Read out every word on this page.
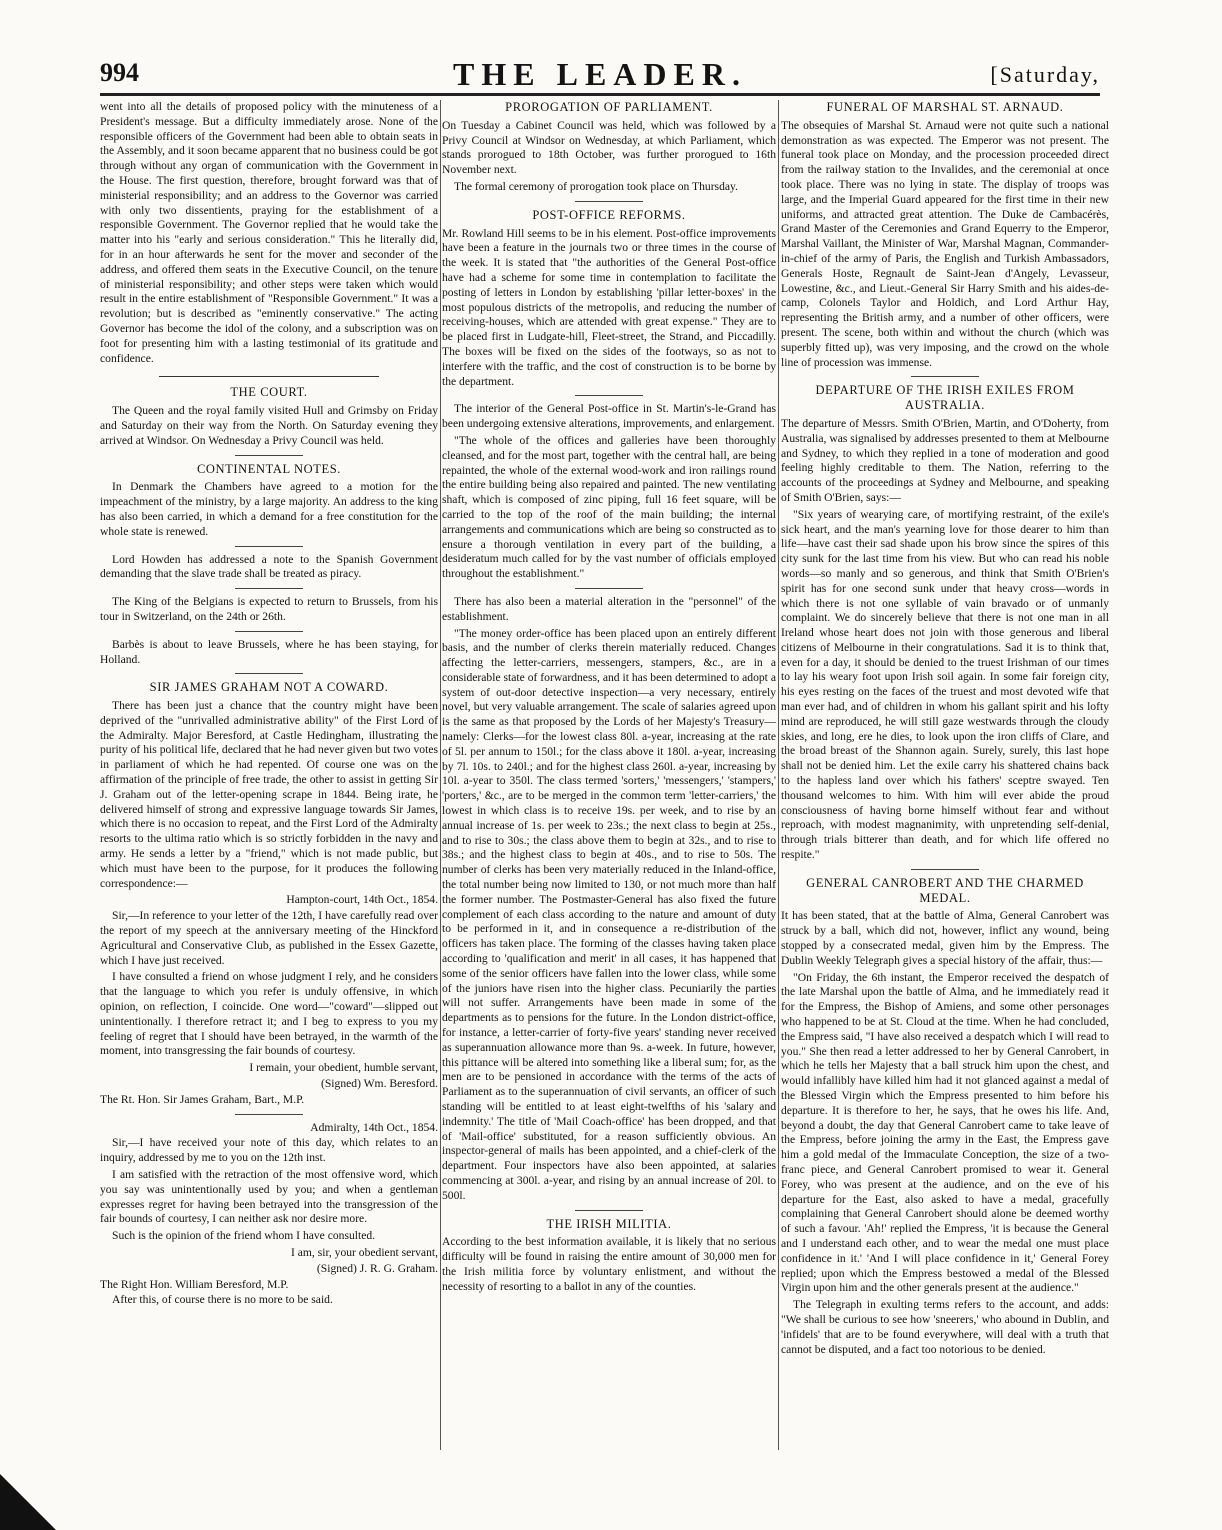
994	THE LEADER.	[Saturday,

went into all the details of proposed policy with the minuteness of a President's message. But a difficulty immediately arose. None of the responsible officers of the Government had been able to obtain seats in the Assembly, and it soon became apparent that no business could be got through without any organ of communication with the Government in the House. The first question, therefore, brought forward was that of ministerial responsibility; and an address to the Governor was carried with only two dissentients, praying for the establishment of a responsible Government. The Governor replied that he would take the matter into his "early and serious consideration." This he literally did, for in an hour afterwards he sent for the mover and seconder of the address, and offered them seats in the Executive Council, on the tenure of ministerial responsibility; and other steps were taken which would result in the entire establishment of "Responsible Government." It was a revolution; but is described as "eminently conservative." The acting Governor has become the idol of the colony, and a subscription was on foot for presenting him with a lasting testimonial of its gratitude and confidence.

THE COURT.

The Queen and the royal family visited Hull and Grimsby on Friday and Saturday on their way from the North. On Saturday evening they arrived at Windsor. On Wednesday a Privy Council was held.

CONTINENTAL NOTES.

In Denmark the Chambers have agreed to a motion for the impeachment of the ministry, by a large majority. An address to the king has also been carried, in which a demand for a free constitution for the whole state is renewed.

Lord Howden has addressed a note to the Spanish Government demanding that the slave trade shall be treated as piracy.

The King of the Belgians is expected to return to Brussels, from his tour in Switzerland, on the 24th or 26th.

Barbès is about to leave Brussels, where he has been staying, for Holland.

SIR JAMES GRAHAM NOT A COWARD.

There has been just a chance that the country might have been deprived of the "unrivalled administrative ability" of the First Lord of the Admiralty. Major Beresford, at Castle Hedingham, illustrating the purity of his political life, declared that he had never given but two votes in parliament of which he had repented. Of course one was on the affirmation of the principle of free trade, the other to assist in getting Sir J. Graham out of the letter-opening scrape in 1844. Being irate, he delivered himself of strong and expressive language towards Sir James, which there is no occasion to repeat, and the First Lord of the Admiralty resorts to the ultima ratio which is so strictly forbidden in the navy and army. He sends a letter by a "friend," which is not made public, but which must have been to the purpose, for it produces the following correspondence:—

Hampton-court, 14th Oct., 1854.

Sir,—In reference to your letter of the 12th, I have carefully read over the report of my speech at the anniversary meeting of the Hinckford Agricultural and Conservative Club, as published in the Essex Gazette, which I have just received.

I have consulted a friend on whose judgment I rely, and he considers that the language to which you refer is unduly offensive, in which opinion, on reflection, I coincide. One word—"coward"—slipped out unintentionally. I therefore retract it; and I beg to express to you my feeling of regret that I should have been betrayed, in the warmth of the moment, into transgressing the fair bounds of courtesy.

I remain, your obedient, humble servant,
(Signed) Wm. Beresford.
The Rt. Hon. Sir James Graham, Bart., M.P.
Admiralty, 14th Oct., 1854.

Sir,—I have received your note of this day, which relates to an inquiry, addressed by me to you on the 12th inst.

I am satisfied with the retraction of the most offensive word, which you say was unintentionally used by you; and when a gentleman expresses regret for having been betrayed into the transgression of the fair bounds of courtesy, I can neither ask nor desire more.

Such is the opinion of the friend whom I have consulted.

I am, sir, your obedient servant,
(Signed) J. R. G. Graham.
The Right Hon. William Beresford, M.P.

After this, of course there is no more to be said.

PROROGATION OF PARLIAMENT.

On Tuesday a Cabinet Council was held, which was followed by a Privy Council at Windsor on Wednesday, at which Parliament, which stands prorogued to 18th October, was further prorogued to 16th November next.

The formal ceremony of prorogation took place on Thursday.

POST-OFFICE REFORMS.

Mr. Rowland Hill seems to be in his element. Post-office improvements have been a feature in the journals two or three times in the course of the week. It is stated that "the authorities of the General Post-office have had a scheme for some time in contemplation to facilitate the posting of letters in London by establishing 'pillar letter-boxes' in the most populous districts of the metropolis, and reducing the number of receiving-houses, which are attended with great expense." They are to be placed first in Ludgate-hill, Fleet-street, the Strand, and Piccadilly. The boxes will be fixed on the sides of the footways, so as not to interfere with the traffic, and the cost of construction is to be borne by the department.

The interior of the General Post-office in St. Martin's-le-Grand has been undergoing extensive alterations, improvements, and enlargement.

"The whole of the offices and galleries have been thoroughly cleansed, and for the most part, together with the central hall, are being repainted, the whole of the external wood-work and iron railings round the entire building being also repaired and painted. The new ventilating shaft, which is composed of zinc piping, full 16 feet square, will be carried to the top of the roof of the main building; the internal arrangements and communications which are being so constructed as to ensure a thorough ventilation in every part of the building, a desideratum much called for by the vast number of officials employed throughout the establishment."

There has also been a material alteration in the "personnel" of the establishment.

"The money order-office has been placed upon an entirely different basis, and the number of clerks therein materially reduced. Changes affecting the letter-carriers, messengers, stampers, &c., are in a considerable state of forwardness, and it has been determined to adopt a system of out-door detective inspection—a very necessary, entirely novel, but very valuable arrangement. The scale of salaries agreed upon is the same as that proposed by the Lords of her Majesty's Treasury—namely: Clerks—for the lowest class 80l. a-year, increasing at the rate of 5l. per annum to 150l.; for the class above it 180l. a-year, increasing by 7l. 10s. to 240l.; and for the highest class 260l. a-year, increasing by 10l. a-year to 350l. The class termed 'sorters,' 'messengers,' 'stampers,' 'porters,' &c., are to be merged in the common term 'letter-carriers,' the lowest in which class is to receive 19s. per week, and to rise by an annual increase of 1s. per week to 23s.; the next class to begin at 25s., and to rise to 30s.; the class above them to begin at 32s., and to rise to 38s.; and the highest class to begin at 40s., and to rise to 50s. The number of clerks has been very materially reduced in the Inland-office, the total number being now limited to 130, or not much more than half the former number. The Postmaster-General has also fixed the future complement of each class according to the nature and amount of duty to be performed in it, and in consequence a re-distribution of the officers has taken place. The forming of the classes having taken place according to 'qualification and merit' in all cases, it has happened that some of the senior officers have fallen into the lower class, while some of the juniors have risen into the higher class. Pecuniarily the parties will not suffer. Arrangements have been made in some of the departments as to pensions for the future. In the London district-office, for instance, a letter-carrier of forty-five years' standing never received as superannuation allowance more than 9s. a-week. In future, however, this pittance will be altered into something like a liberal sum; for, as the men are to be pensioned in accordance with the terms of the acts of Parliament as to the superannuation of civil servants, an officer of such standing will be entitled to at least eight-twelfths of his 'salary and indemnity.' The title of 'Mail Coach-office' has been dropped, and that of 'Mail-office' substituted, for a reason sufficiently obvious. An inspector-general of mails has been appointed, and a chief-clerk of the department. Four inspectors have also been appointed, at salaries commencing at 300l. a-year, and rising by an annual increase of 20l. to 500l.

THE IRISH MILITIA.

According to the best information available, it is likely that no serious difficulty will be found in raising the entire amount of 30,000 men for the Irish militia force by voluntary enlistment, and without the necessity of resorting to a ballot in any of the counties.

FUNERAL OF MARSHAL ST. ARNAUD.

The obsequies of Marshal St. Arnaud were not quite such a national demonstration as was expected. The Emperor was not present. The funeral took place on Monday, and the procession proceeded direct from the railway station to the Invalides, and the ceremonial at once took place. There was no lying in state. The display of troops was large, and the Imperial Guard appeared for the first time in their new uniforms, and attracted great attention. The Duke de Cambacérès, Grand Master of the Ceremonies and Grand Equerry to the Emperor, Marshal Vaillant, the Minister of War, Marshal Magnan, Commander-in-chief of the army of Paris, the English and Turkish Ambassadors, Generals Hoste, Regnault de Saint-Jean d'Angely, Levasseur, Lowestine, &c., and Lieut.-General Sir Harry Smith and his aides-de-camp, Colonels Taylor and Holdich, and Lord Arthur Hay, representing the British army, and a number of other officers, were present. The scene, both within and without the church (which was superbly fitted up), was very imposing, and the crowd on the whole line of procession was immense.

DEPARTURE OF THE IRISH EXILES FROM AUSTRALIA.

The departure of Messrs. Smith O'Brien, Martin, and O'Doherty, from Australia, was signalised by addresses presented to them at Melbourne and Sydney, to which they replied in a tone of moderation and good feeling highly creditable to them. The Nation, referring to the accounts of the proceedings at Sydney and Melbourne, and speaking of Smith O'Brien, says:—

"Six years of wearying care, of mortifying restraint, of the exile's sick heart, and the man's yearning love for those dearer to him than life—have cast their sad shade upon his brow since the spires of this city sunk for the last time from his view. But who can read his noble words—so manly and so generous, and think that Smith O'Brien's spirit has for one second sunk under that heavy cross—words in which there is not one syllable of vain bravado or of unmanly complaint. We do sincerely believe that there is not one man in all Ireland whose heart does not join with those generous and liberal citizens of Melbourne in their congratulations. Sad it is to think that, even for a day, it should be denied to the truest Irishman of our times to lay his weary foot upon Irish soil again. In some fair foreign city, his eyes resting on the faces of the truest and most devoted wife that man ever had, and of children in whom his gallant spirit and his lofty mind are reproduced, he will still gaze westwards through the cloudy skies, and long, ere he dies, to look upon the iron cliffs of Clare, and the broad breast of the Shannon again. Surely, surely, this last hope shall not be denied him. Let the exile carry his shattered chains back to the hapless land over which his fathers' sceptre swayed. Ten thousand welcomes to him. With him will ever abide the proud consciousness of having borne himself without fear and without reproach, with modest magnanimity, with unpretending self-denial, through trials bitterer than death, and for which life offered no respite."

GENERAL CANROBERT AND THE CHARMED MEDAL.

It has been stated, that at the battle of Alma, General Canrobert was struck by a ball, which did not, however, inflict any wound, being stopped by a consecrated medal, given him by the Empress. The Dublin Weekly Telegraph gives a special history of the affair, thus:—

"On Friday, the 6th instant, the Emperor received the despatch of the late Marshal upon the battle of Alma, and he immediately read it for the Empress, the Bishop of Amiens, and some other personages who happened to be at St. Cloud at the time. When he had concluded, the Empress said, "I have also received a despatch which I will read to you." She then read a letter addressed to her by General Canrobert, in which he tells her Majesty that a ball struck him upon the chest, and would infallibly have killed him had it not glanced against a medal of the Blessed Virgin which the Empress presented to him before his departure. It is therefore to her, he says, that he owes his life. And, beyond a doubt, the day that General Canrobert came to take leave of the Empress, before joining the army in the East, the Empress gave him a gold medal of the Immaculate Conception, the size of a two-franc piece, and General Canrobert promised to wear it. General Forey, who was present at the audience, and on the eve of his departure for the East, also asked to have a medal, gracefully complaining that General Canrobert should alone be deemed worthy of such a favour. 'Ah!' replied the Empress, 'it is because the General and I understand each other, and to wear the medal one must place confidence in it.' 'And I will place confidence in it,' General Forey replied; upon which the Empress bestowed a medal of the Blessed Virgin upon him and the other generals present at the audience."

The Telegraph in exulting terms refers to the account, and adds: "We shall be curious to see how 'sneerers,' who abound in Dublin, and 'infidels' that are to be found everywhere, will deal with a truth that cannot be disputed, and a fact too notorious to be denied.
